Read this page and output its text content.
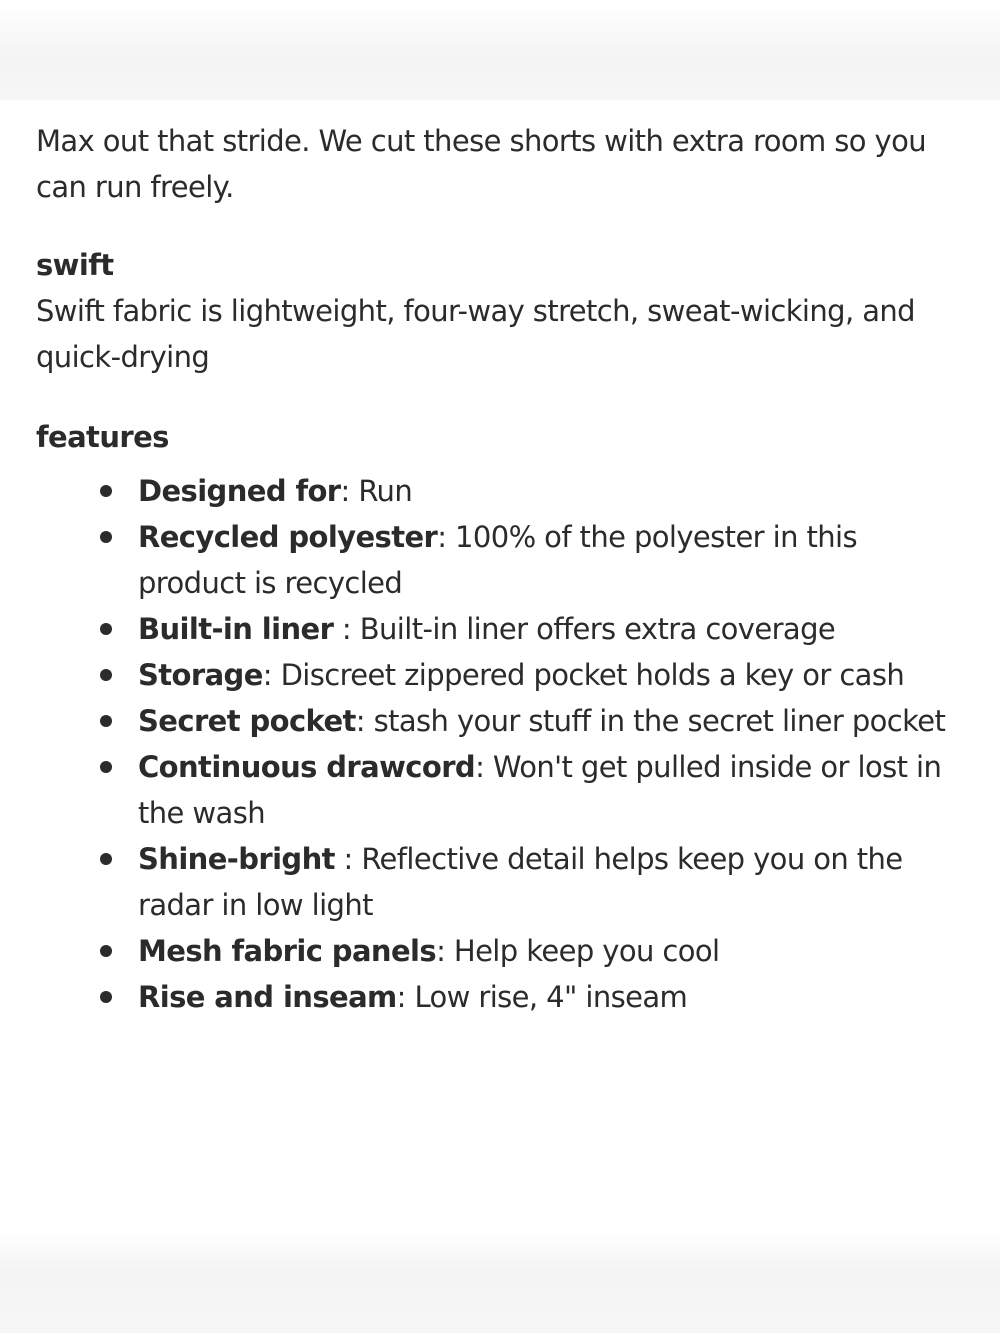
Max out that stride. We cut these shorts with extra room so you can run freely.

swift

Swift fabric is lightweight, four-way stretch, sweat-wicking, and quick-drying

features

Designed for: Run
Recycled polyester: 100% of the polyester in this product is recycled
Built-in liner : Built-in liner offers extra coverage
Storage: Discreet zippered pocket holds a key or cash
Secret pocket: stash your stuff in the secret liner pocket
Continuous drawcord: Won't get pulled inside or lost in the wash
Shine-bright : Reflective detail helps keep you on the radar in low light
Mesh fabric panels: Help keep you cool
Rise and inseam: Low rise, 4" inseam
